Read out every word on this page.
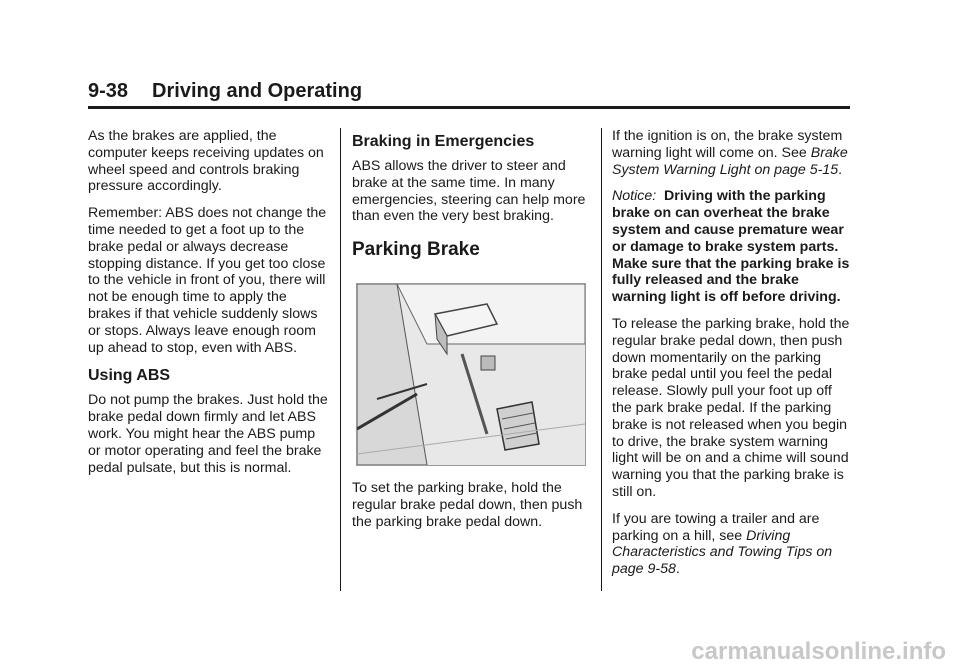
9-38 Driving and Operating

As the brakes are applied, the computer keeps receiving updates on wheel speed and controls braking pressure accordingly.

Remember: ABS does not change the time needed to get a foot up to the brake pedal or always decrease stopping distance. If you get too close to the vehicle in front of you, there will not be enough time to apply the brakes if that vehicle suddenly slows or stops. Always leave enough room up ahead to stop, even with ABS.

Using ABS

Do not pump the brakes. Just hold the brake pedal down firmly and let ABS work. You might hear the ABS pump or motor operating and feel the brake pedal pulsate, but this is normal.

Braking in Emergencies

ABS allows the driver to steer and brake at the same time. In many emergencies, steering can help more than even the very best braking.

Parking Brake

To set the parking brake, hold the regular brake pedal down, then push the parking brake pedal down.

If the ignition is on, the brake system warning light will come on. See Brake System Warning Light on page 5-15.

Notice: Driving with the parking brake on can overheat the brake system and cause premature wear or damage to brake system parts. Make sure that the parking brake is fully released and the brake warning light is off before driving.

To release the parking brake, hold the regular brake pedal down, then push down momentarily on the parking brake pedal until you feel the pedal release. Slowly pull your foot up off the park brake pedal. If the parking brake is not released when you begin to drive, the brake system warning light will be on and a chime will sound warning you that the parking brake is still on.

If you are towing a trailer and are parking on a hill, see Driving Characteristics and Towing Tips on page 9-58.

carmanualsonline.info
